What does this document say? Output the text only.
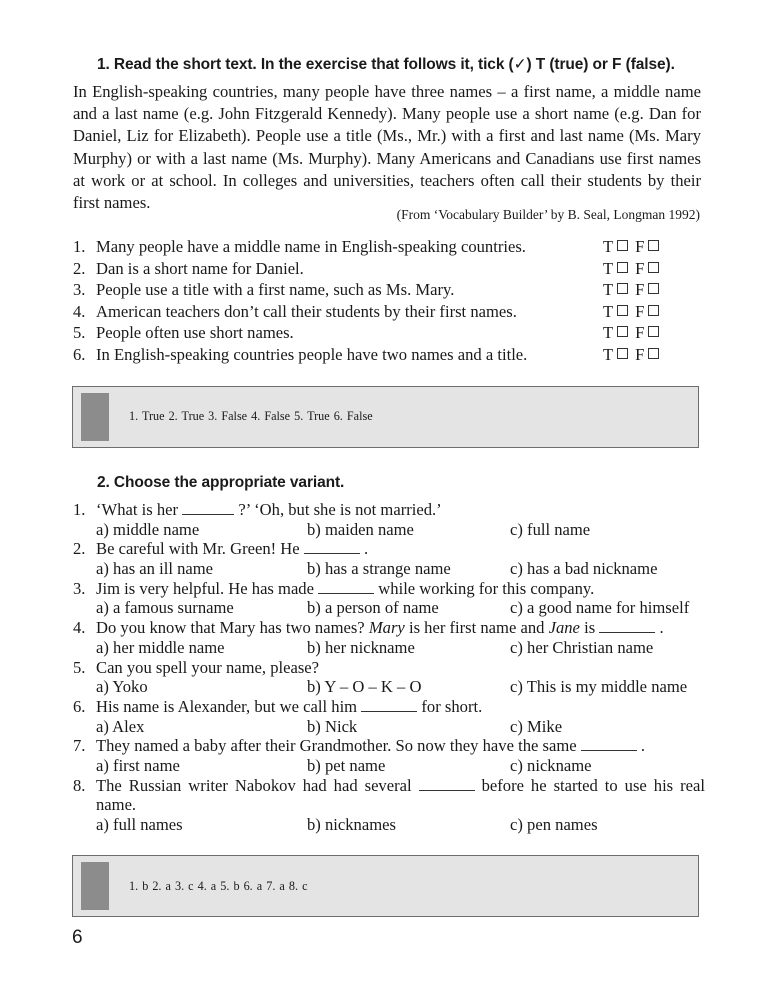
1. Read the short text. In the exercise that follows it, tick (✓) T (true) or F (false).

In English-speaking countries, many people have three names – a first name, a middle name and a last name (e.g. John Fitzgerald Kennedy). Many people use a short name (e.g. Dan for Daniel, Liz for Elizabeth). People use a title (Ms., Mr.) with a first and last name (Ms. Mary Murphy) or with a last name (Ms. Murphy). Many Americans and Canadians use first names at work or at school. In colleges and universities, teachers often call their students by their first names.

(From ‘Vocabulary Builder’ by B. Seal, Longman 1992)
1. Many people have a middle name in English-speaking countries.	T F
2. Dan is a short name for Daniel.	T F
3. People use a title with a first name, such as Ms. Mary.	T F
4. American teachers don’t call their students by their first names.	T F
5. People often use short names.	T F
6. In English-speaking countries people have two names and a title.	T F
1. True 2. True 3. False 4. False 5. True 6. False
2. Choose the appropriate variant.
1. ‘What is her	?’ ‘Oh, but she is not married.’
a) middle name	b) maiden name	c) full name
2. Be careful with Mr. Green! He	.
a) has an ill name	b) has a strange name	c) has a bad nickname
3. Jim is very helpful. He has made	while working for this company.
a) a famous surname	b) a person of name	c) a good name for himself
4. Do you know that Mary has two names? Mary is her first name and Jane is	.
a) her middle name	b) her nickname	c) her Christian name
5. Can you spell your name, please?
a) Yoko	b) Y – O – K – O	c) This is my middle name
6. His name is Alexander, but we call him	for short.
a) Alex	b) Nick	c) Mike
7. They named a baby after their Grandmother. So now they have the same	.
a) first name	b) pet name	c) nickname
8. The Russian writer Nabokov had had several	before he started to use his real name.
a) full names	b) nicknames	c) pen names
1. b 2. a 3. c 4. a 5. b 6. a 7. a 8. c
6
